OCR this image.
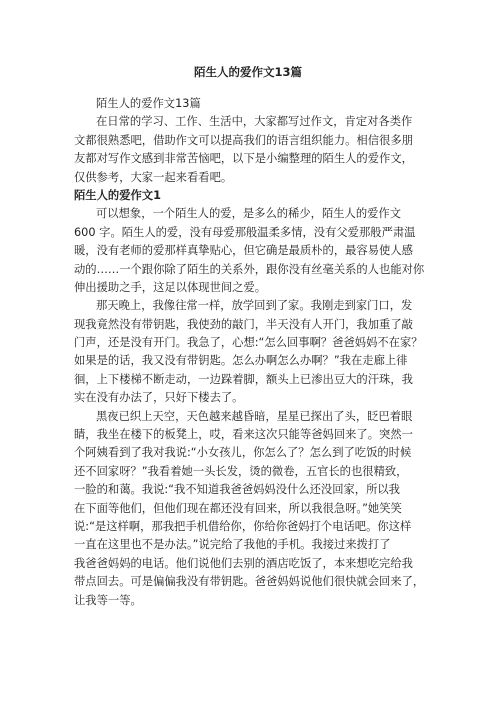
陌生人的爱作文13篇
陌生人的爱作文13篇
在日常的学习、工作、生活中，大家都写过作文，肯定对各类作
文都很熟悉吧，借助作文可以提高我们的语言组织能力。相信很多朋
友都对写作文感到非常苦恼吧，以下是小编整理的陌生人的爱作文，
仅供参考，大家一起来看看吧。
陌生人的爱作文1
可以想象，一个陌生人的爱，是多么的稀少，陌生人的爱作文
600 字。陌生人的爱，没有母爱那般温柔多情，没有父爱那般严肃温
暖，没有老师的爱那样真挚贴心，但它确是最质朴的，最容易使人感
动的……一个跟你除了陌生的关系外，跟你没有丝毫关系的人也能对你
伸出援助之手，这足以体现世间之爱。
那天晚上，我像往常一样，放学回到了家。我刚走到家门口，发
现我竟然没有带钥匙，我使劲的敲门，半天没有人开门，我加重了敲
门声，还是没有开门。我急了，心想:“怎么回事啊？爸爸妈妈不在家？
如果是的话，我又没有带钥匙。怎么办啊怎么办啊？”我在走廊上徘
徊，上下楼梯不断走动，一边跺着脚，额头上已渗出豆大的汗珠，我
实在没有办法了，只好下楼去了。
黑夜已织上天空，天色越来越昏暗，星星已探出了头，眨巴着眼
睛，我坐在楼下的板凳上，哎，看来这次只能等爸妈回来了。突然一
个阿姨看到了我对我说:“小女孩儿，你怎么了？怎么到了吃饭的时候
还不回家呀？”我看着她一头长发，烫的微卷，五官长的也很精致，
一脸的和蔼。我说:“我不知道我爸爸妈妈没什么还没回家，所以我
在下面等他们，但他们现在都还没有回来，所以我很急呀。”她笑笑
说:“是这样啊，那我把手机借给你，你给你爸妈打个电话吧。你这样
一直在这里也不是办法。”说完给了我他的手机。我接过来拨打了
我爸爸妈妈的电话。他们说他们去别的酒店吃饭了，本来想吃完给我
带点回去。可是偏偏我没有带钥匙。爸爸妈妈说他们很快就会回来了，
让我等一等。
